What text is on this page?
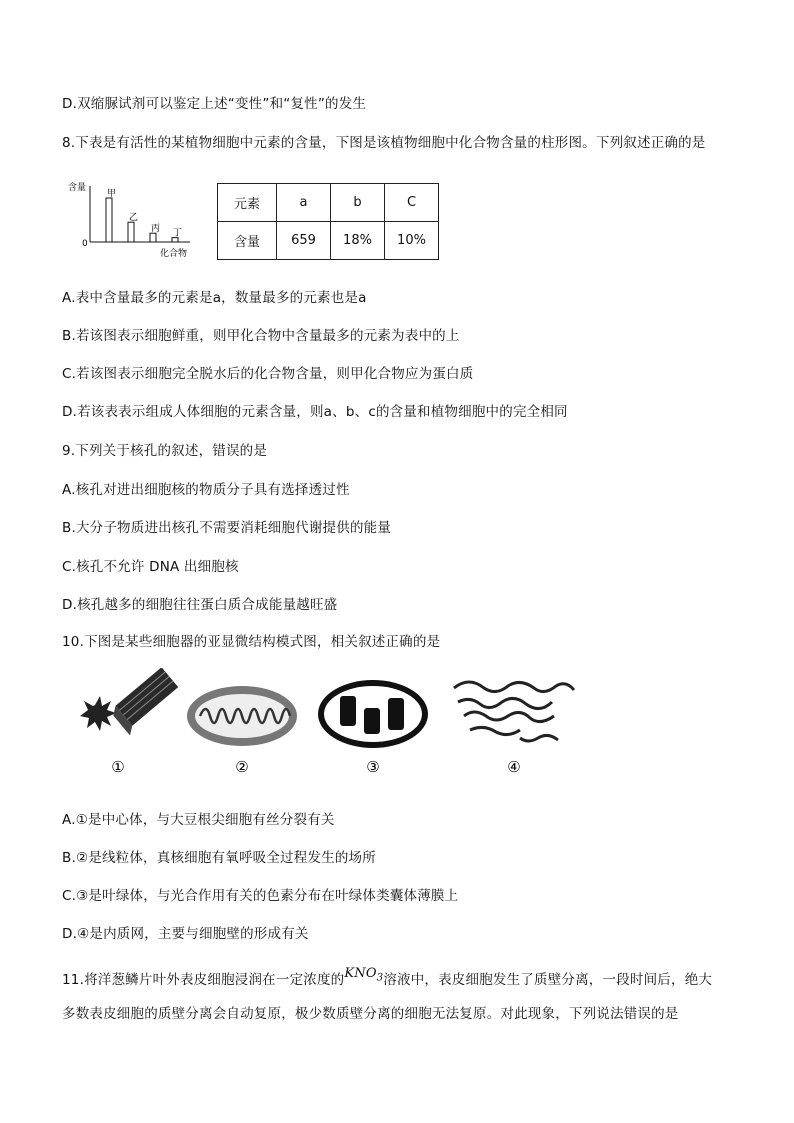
D.双缩脲试剂可以鉴定上述“变性”和“复性”的发生
8.下表是有活性的某植物细胞中元素的含量，下图是该植物细胞中化合物含量的柱形图。下列叙述正确的是
含量
0
化合物
甲
乙
丙 丁
元素	a	b	C
含量	659	18%	10%
A.表中含量最多的元素是a，数量最多的元素也是a
B.若该图表示细胞鲜重，则甲化合物中含量最多的元素为表中的上
C.若该图表示细胞完全脱水后的化合物含量，则甲化合物应为蛋白质
D.若该表表示组成人体细胞的元素含量，则a、b、c的含量和植物细胞中的完全相同
9.下列关于核孔的叙述，错误的是
A.核孔对进出细胞核的物质分子具有选择透过性
B.大分子物质进出核孔不需要消耗细胞代谢提供的能量
C.核孔不允许 DNA 出细胞核
D.核孔越多的细胞往往蛋白质合成能量越旺盛
10.下图是某些细胞器的亚显微结构模式图，相关叙述正确的是
①	②	③	④
A.①是中心体，与大豆根尖细胞有丝分裂有关
B.②是线粒体，真核细胞有氧呼吸全过程发生的场所
C.③是叶绿体，与光合作用有关的色素分布在叶绿体类囊体薄膜上
D.④是内质网，主要与细胞壁的形成有关
11.将洋葱鳞片叶外表皮细胞浸润在一定浓度的$KNO_3$溶液中，表皮细胞发生了质壁分离，一段时间后，绝大
多数表皮细胞的质壁分离会自动复原，极少数质壁分离的细胞无法复原。对此现象，下列说法错误的是
